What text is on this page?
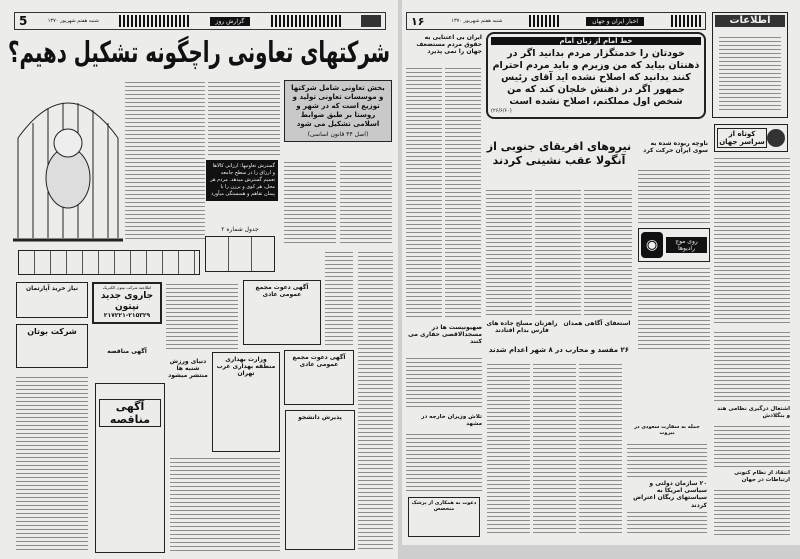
5	شنبه هفتم شهریور ۱۳۷۰	گزارش روز
شرکتهای تعاونی راچگونه تشکیل دهیم؟
بخش تعاونی شامل شرکتها و موسسات تعاونی تولید و توزیع است که در شهر و روستا بر طبق ضوابط اسلامی تشکیل می شود
(اصل ۴۴ قانون اساسی)
گسترش تعاونیها: ارزانی کالاها و ارزاق را در سطح جامعه تعمیم گسترش میدهد. مردم هر محل، هر کوی و برزن را با پیمان تقاهم و همبستگی میآورد
جدول شماره ۲
نیاز خرید آپارتمان	اطلاعیه شرکت نپتون الکتریک
جاروی جدید نپتون
۲۱۷۲۲۱-۲۱۵۳۲۹
شرکت بوتان
آگهی مناقصه
آگهی مناقصه
دنیای ورزش شنبه ها منتشر میشود
وزارت بهداری منطقه بهداری غرب تهران
آگهی دعوت مجمع عمومی عادی
آگهی دعوت مجمع عمومی عادی
پذیرش دانشجو
۱۶	شنبه هفتم شهریور ۱۳۷۰	اخبار ایران و جهان	اطلاعات
ایران بی اعتنایی به حقوق مردم مستضعف جهان را نمی پذیرد
خط امام از زبان امام
خودتان را خدمتگزار مردم بدانید اگر در ذهنتان بیاید که من وزیرم و باید مردم احترام کنند بدانید که اصلاح نشده اید آقای رئیس جمهور اگر در ذهنش خلجان کند که من شخص اول مملکتم، اصلاح نشده است
(۲۶/۶/۶۰)
نیروهای افریقای جنوبی از آنگولا عقب نشینی کردند
ناوچه ربوده شده به سوی ایران حرکت کرد
کوتاه از سراسر جهان
◉	روی موج رادیوها
راهزنان مسلح جاده های فارس بدام افتادند
استعفای آگاهی همدان
صهیونیست ها در مسجدالاقصی حفاری می کنند
۲۶ مفسد و محارب در ۸ شهر اعدام شدند
تلاش وزیران خارجه در مشهد
دعوت به همکاری از پزشک متخصص
حمله به سفارت سعودی در بیروت
۲۰ سازمان دولتی و سیاسی امریکا به سیاستهای ریگان اعتراض کردند
اشتغال درگیری نظامی هند و بنگلادش
انتقاد از نظام کنونی ارتباطات در جهان
